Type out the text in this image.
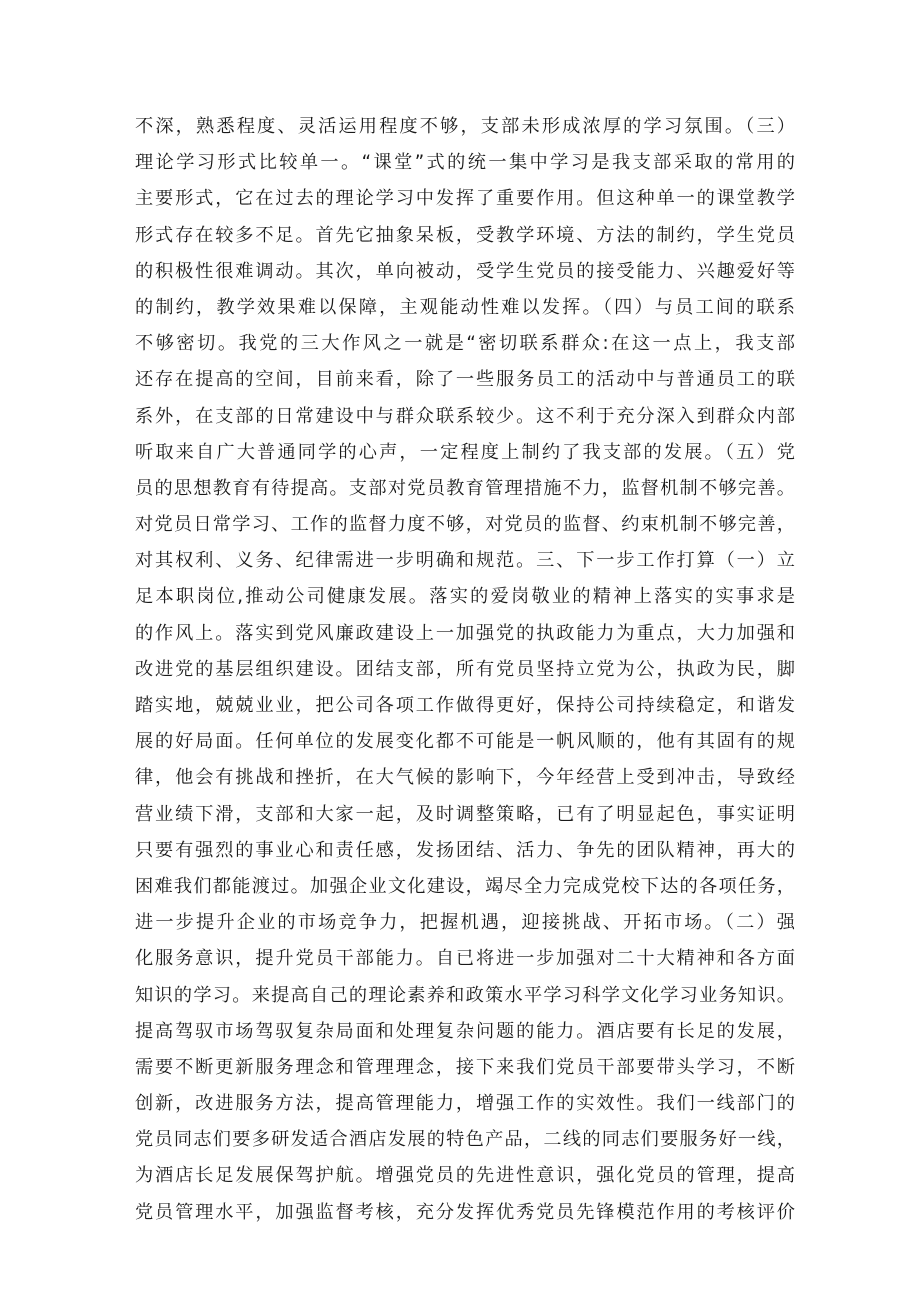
不深，熟悉程度、灵活运用程度不够，支部未形成浓厚的学习氛围。（三）
理论学习形式比较单一。“课堂”式的统一集中学习是我支部采取的常用的
主要形式，它在过去的理论学习中发挥了重要作用。但这种单一的课堂教学
形式存在较多不足。首先它抽象呆板，受教学环境、方法的制约，学生党员
的积极性很难调动。其次，单向被动，受学生党员的接受能力、兴趣爱好等
的制约，教学效果难以保障，主观能动性难以发挥。（四）与员工间的联系
不够密切。我党的三大作风之一就是“密切联系群众:在这一点上，我支部
还存在提高的空间，目前来看，除了一些服务员工的活动中与普通员工的联
系外，在支部的日常建设中与群众联系较少。这不利于充分深入到群众内部
听取来自广大普通同学的心声，一定程度上制约了我支部的发展。（五）党
员的思想教育有待提高。支部对党员教育管理措施不力，监督机制不够完善。
对党员日常学习、工作的监督力度不够，对党员的监督、约束机制不够完善，
对其权利、义务、纪律需进一步明确和规范。三、下一步工作打算（一）立
足本职岗位,推动公司健康发展。落实的爱岗敬业的精神上落实的实事求是
的作风上。落实到党风廉政建设上一加强党的执政能力为重点，大力加强和
改进党的基层组织建设。团结支部，所有党员坚持立党为公，执政为民，脚
踏实地，兢兢业业，把公司各项工作做得更好，保持公司持续稳定，和谐发
展的好局面。任何单位的发展变化都不可能是一帆风顺的，他有其固有的规
律，他会有挑战和挫折，在大气候的影响下，今年经营上受到冲击，导致经
营业绩下滑，支部和大家一起，及时调整策略，已有了明显起色，事实证明
只要有强烈的事业心和责任感，发扬团结、活力、争先的团队精神，再大的
困难我们都能渡过。加强企业文化建设，竭尽全力完成党校下达的各项任务，
进一步提升企业的市场竞争力，把握机遇，迎接挑战、开拓市场。（二）强
化服务意识，提升党员干部能力。自已将进一步加强对二十大精神和各方面
知识的学习。来提高自己的理论素养和政策水平学习科学文化学习业务知识。
提高驾驭市场驾驭复杂局面和处理复杂问题的能力。酒店要有长足的发展，
需要不断更新服务理念和管理理念，接下来我们党员干部要带头学习，不断
创新，改进服务方法，提高管理能力，增强工作的实效性。我们一线部门的
党员同志们要多研发适合酒店发展的特色产品，二线的同志们要服务好一线，
为酒店长足发展保驾护航。增强党员的先进性意识，强化党员的管理，提高
党员管理水平，加强监督考核，充分发挥优秀党员先锋模范作用的考核评价
